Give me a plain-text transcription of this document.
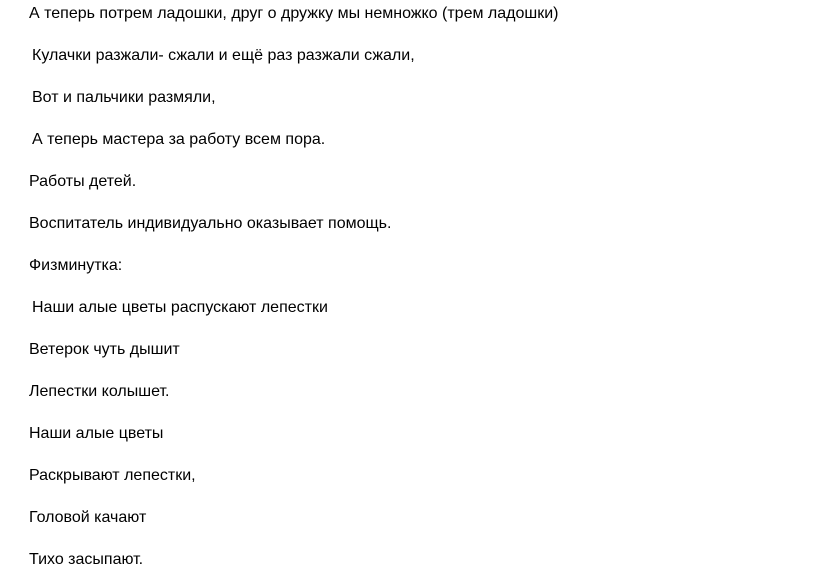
А теперь потрем ладошки, друг о дружку мы немножко (трем ладошки)

Кулачки разжали- сжали и ещё раз разжали сжали,

Вот и пальчики размяли,

А теперь мастера за работу всем пора.

Работы детей.

Воспитатель индивидуально оказывает помощь.

Физминутка:

Наши алые цветы распускают лепестки

Ветерок чуть дышит

Лепестки колышет.

Наши алые цветы

Раскрывают лепестки,

Головой качают

Тихо засыпают.
